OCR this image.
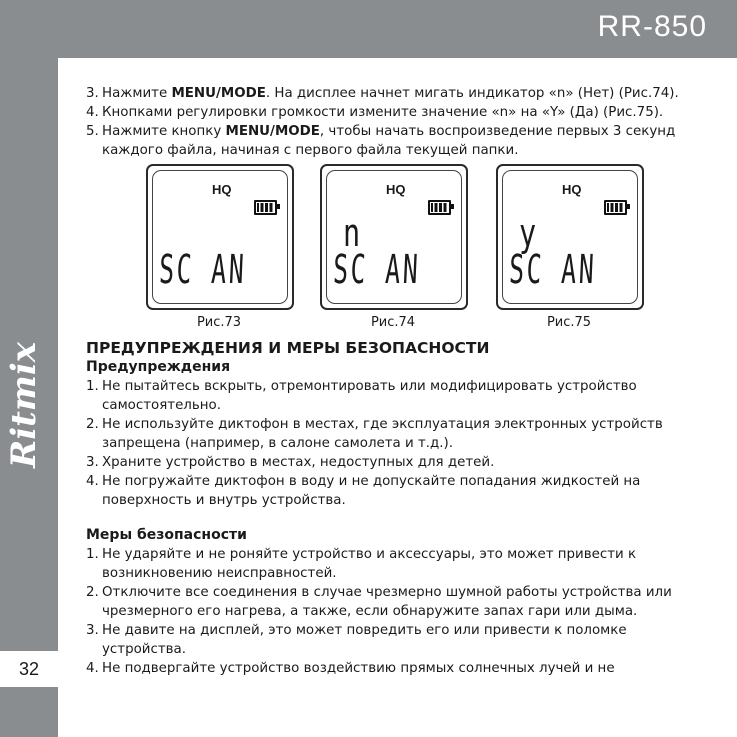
RR-850
Ritmix
32
3. Нажмите MENU/MODE. На дисплее начнет мигать индикатор «n» (Нет) (Рис.74).
4. Кнопками регулировки громкости измените значение «n» на «Y» (Да) (Рис.75).
5. Нажмите кнопку MENU/MODE, чтобы начать воспроизведение первых 3 секунд каждого файла, начиная с первого файла текущей папки.
HQ
SC AN
Рис.73
HQ
n
SC AN
Рис.74
HQ
y
SC AN
Рис.75
ПРЕДУПРЕЖДЕНИЯ И МЕРЫ БЕЗОПАСНОСТИ
Предупреждения
1. Не пытайтесь вскрыть, отремонтировать или модифицировать устройство самостоятельно.
2. Не используйте диктофон в местах, где эксплуатация электронных устройств запрещена (например, в салоне самолета и т.д.).
3. Храните устройство в местах, недоступных для детей.
4. Не погружайте диктофон в воду и не допускайте попадания жидкостей на поверхность и внутрь устройства.
Меры безопасности
1. Не ударяйте и не роняйте устройство и аксессуары, это может привести к возникновению неисправностей.
2. Отключите все соединения в случае чрезмерно шумной работы устройства или чрезмерного его нагрева, а также, если обнаружите запах гари или дыма.
3. Не давите на дисплей, это может повредить его или привести к поломке устройства.
4. Не подвергайте устройство воздействию прямых солнечных лучей и не
